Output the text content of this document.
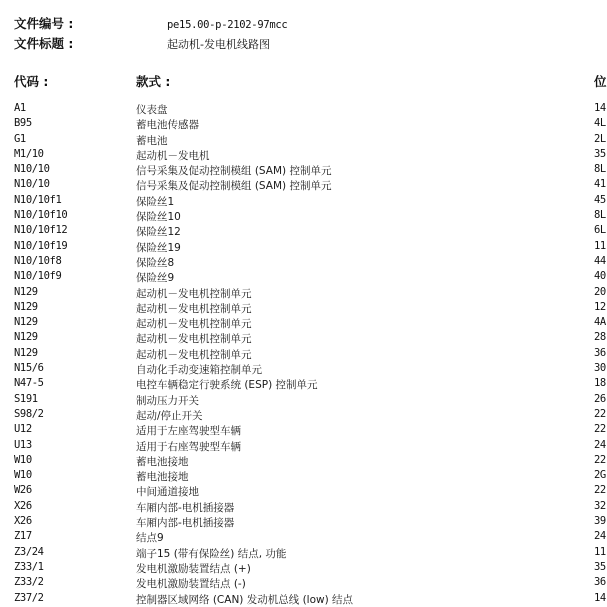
文件编号 :	pe15.00-p-2102-97mcc
文件标题 :	起动机-发电机线路图
代码 :	款式 :	位
A1	仪表盘	14
B95	蓄电池传感器	4L
G1	蓄电池	2L
M1/10	起动机－发电机	35
N10/10	信号采集及促动控制模组 (SAM) 控制单元	8L
N10/10	信号采集及促动控制模组 (SAM) 控制单元	41
N10/10f1	保险丝1	45
N10/10f10	保险丝10	8L
N10/10f12	保险丝12	6L
N10/10f19	保险丝19	11
N10/10f8	保险丝8	44
N10/10f9	保险丝9	40
N129	起动机－发电机控制单元	20
N129	起动机－发电机控制单元	12
N129	起动机－发电机控制单元	4A
N129	起动机－发电机控制单元	28
N129	起动机－发电机控制单元	36
N15/6	自动化手动变速箱控制单元	30
N47-5	电控车辆稳定行驶系统 (ESP) 控制单元	18
S191	制动压力开关	26
S98/2	起动/停止开关	22
U12	适用于左座驾驶型车辆	22
U13	适用于右座驾驶型车辆	24
W10	蓄电池接地	22
W10	蓄电池接地	2G
W26	中间通道接地	22
X26	车厢内部-电机插接器	32
X26	车厢内部-电机插接器	39
Z17	结点9	24
Z3/24	端子15 (带有保险丝) 结点, 功能	11
Z33/1	发电机激励装置结点 (+)	35
Z33/2	发电机激励装置结点 (-)	36
Z37/2	控制器区域网络 (CAN) 发动机总线 (low) 结点	14
